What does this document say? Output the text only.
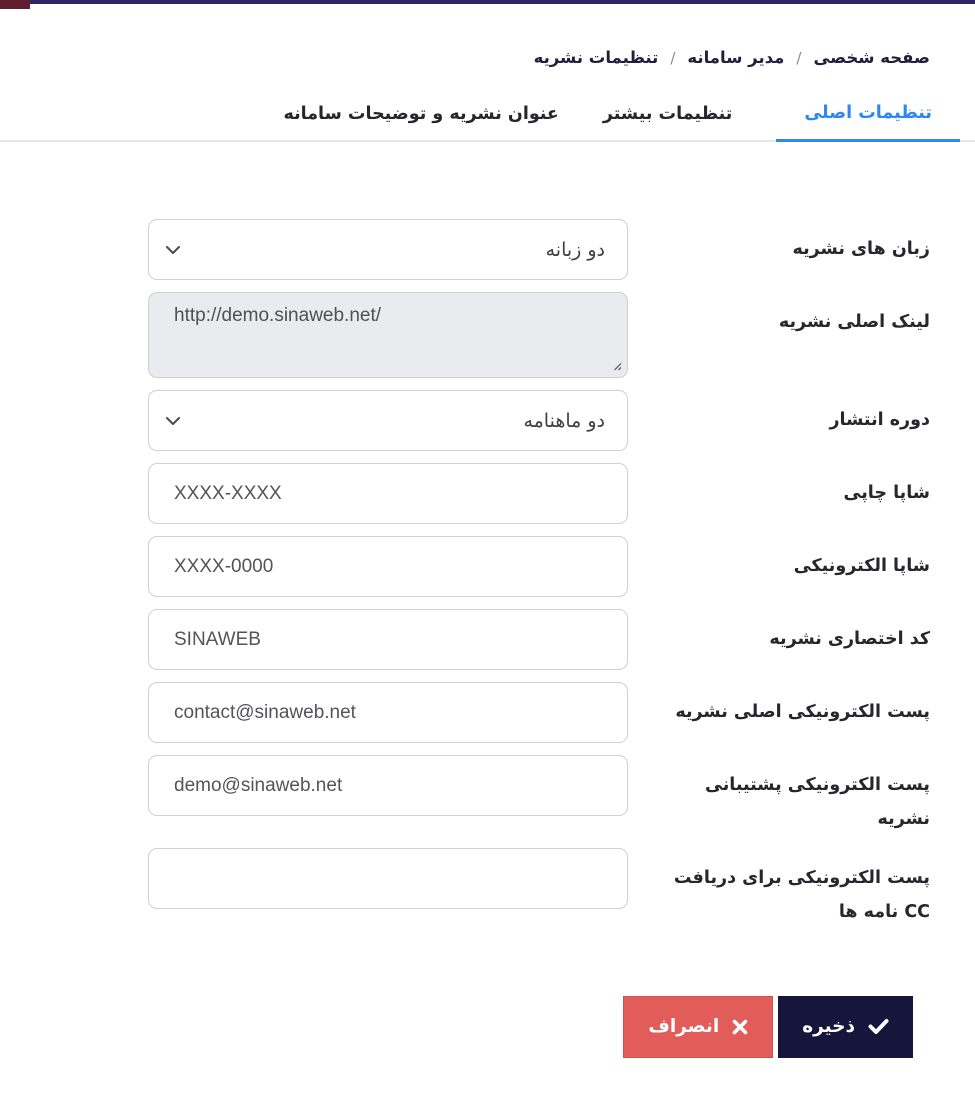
صفحه شخصی
/
مدیر سامانه
/
تنظیمات نشریه
تنظیمات اصلی
تنظیمات بیشتر
عنوان نشریه و توضیحات سامانه
زبان های نشریه
دو زبانه
لینک اصلی نشریه
http://demo.sinaweb.net/
دوره انتشار
دو ماهنامه
شاپا چاپی
XXXX-XXXX
شاپا الکترونیکی
XXXX-0000
کد اختصاری نشریه
SINAWEB
پست الکترونیکی اصلی نشریه
contact@sinaweb.net
پست الکترونیکی پشتیبانی نشریه
demo@sinaweb.net
پست الکترونیکی برای دریافت CC نامه ها
ذخیره
انصراف
